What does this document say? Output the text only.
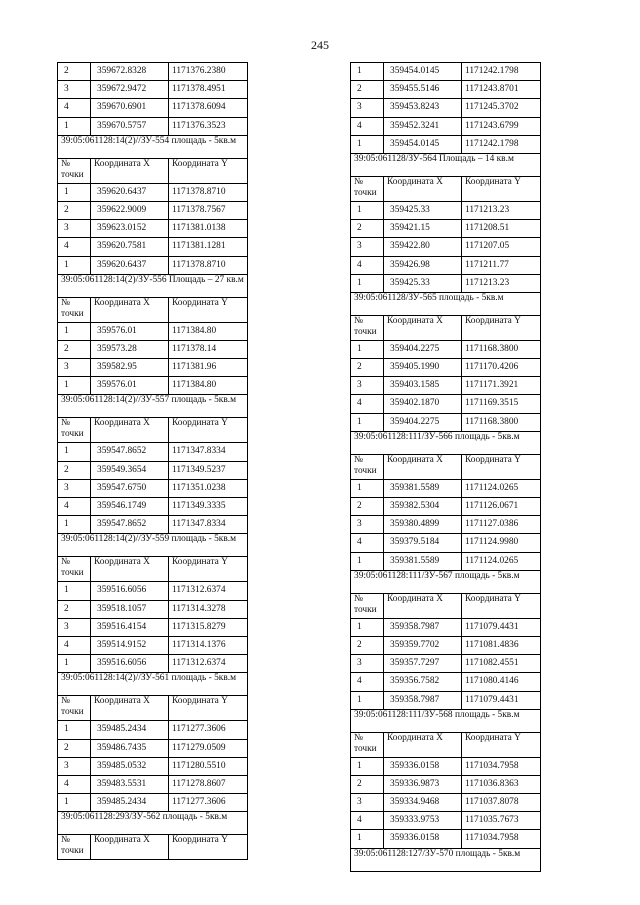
245
2	359672.8328	1171376.2380
3	359672.9472	1171378.4951
4	359670.6901	1171378.6094
1	359670.5757	1171376.3523
39:05:061128:14(2)//ЗУ-554 площадь - 5кв.м		
№ точки	Координата X	Координата Y
1	359620.6437	1171378.8710
2	359622.9009	1171378.7567
3	359623.0152	1171381.0138
4	359620.7581	1171381.1281
1	359620.6437	1171378.8710
39:05:061128:14(2)/ЗУ-556 Площадь – 27 кв.м		
№ точки	Координата X	Координата Y
1	359576.01	1171384.80
2	359573.28	1171378.14
3	359582.95	1171381.96
1	359576.01	1171384.80
39:05:061128:14(2)//ЗУ-557 площадь - 5кв.м		
№ точки	Координата X	Координата Y
1	359547.8652	1171347.8334
2	359549.3654	1171349.5237
3	359547.6750	1171351.0238
4	359546.1749	1171349.3335
1	359547.8652	1171347.8334
39:05:061128:14(2)//ЗУ-559 площадь - 5кв.м		
№ точки	Координата X	Координата Y
1	359516.6056	1171312.6374
2	359518.1057	1171314.3278
3	359516.4154	1171315.8279
4	359514.9152	1171314.1376
1	359516.6056	1171312.6374
39:05:061128:14(2)//ЗУ-561 площадь - 5кв.м		
№ точки	Координата X	Координата Y
1	359485.2434	1171277.3606
2	359486.7435	1171279.0509
3	359485.0532	1171280.5510
4	359483.5531	1171278.8607
1	359485.2434	1171277.3606
39:05:061128:293/ЗУ-562 площадь - 5кв.м		
№ точки	Координата X	Координата Y
1	359454.0145	1171242.1798
2	359455.5146	1171243.8701
3	359453.8243	1171245.3702
4	359452.3241	1171243.6799
1	359454.0145	1171242.1798
39:05:061128/ЗУ-564 Площадь – 14 кв.м		
№ точки	Координата X	Координата Y
1	359425.33	1171213.23
2	359421.15	1171208.51
3	359422.80	1171207.05
4	359426.98	1171211.77
1	359425.33	1171213.23
39:05:061128/ЗУ-565 площадь - 5кв.м		
№ точки	Координата X	Координата Y
1	359404.2275	1171168.3800
2	359405.1990	1171170.4206
3	359403.1585	1171171.3921
4	359402.1870	1171169.3515
1	359404.2275	1171168.3800
39:05:061128:111/ЗУ-566 площадь - 5кв.м		
№ точки	Координата X	Координата Y
1	359381.5589	1171124.0265
2	359382.5304	1171126.0671
3	359380.4899	1171127.0386
4	359379.5184	1171124.9980
1	359381.5589	1171124.0265
39:05:061128:111/ЗУ-567 площадь - 5кв.м		
№ точки	Координата X	Координата Y
1	359358.7987	1171079.4431
2	359359.7702	1171081.4836
3	359357.7297	1171082.4551
4	359356.7582	1171080.4146
1	359358.7987	1171079.4431
39:05:061128:111/ЗУ-568 площадь - 5кв.м		
№ точки	Координата X	Координата Y
1	359336.0158	1171034.7958
2	359336.9873	1171036.8363
3	359334.9468	1171037.8078
4	359333.9753	1171035.7673
1	359336.0158	1171034.7958
39:05:061128:127/ЗУ-570 площадь - 5кв.м		
